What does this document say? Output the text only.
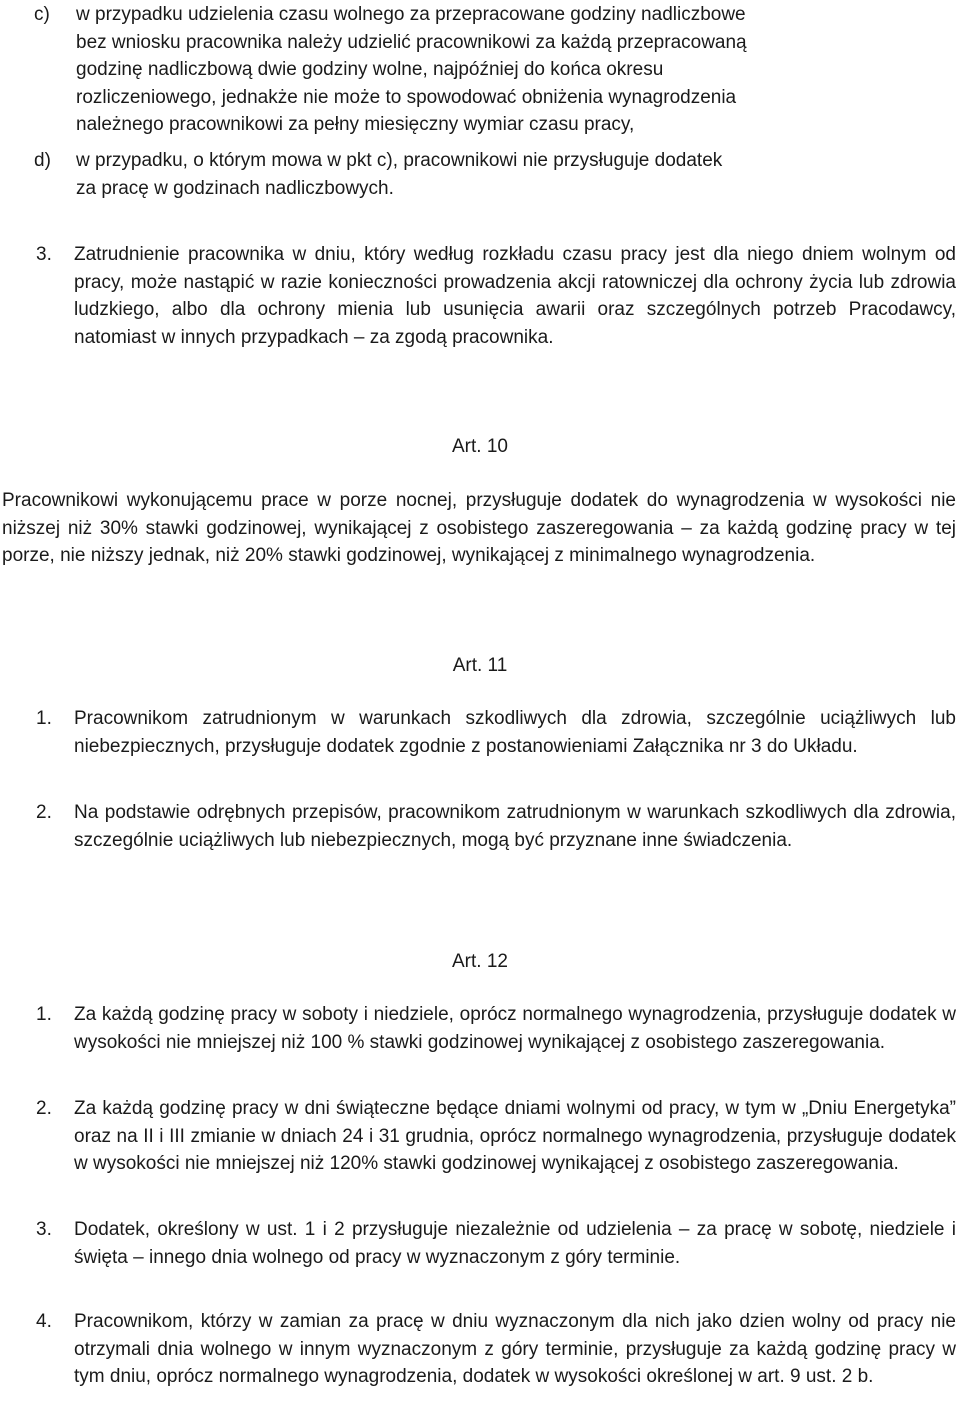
c)	w przypadku udzielenia czasu wolnego za przepracowane godziny nadliczbowe
bez wniosku pracownika należy udzielić pracownikowi za każdą przepracowaną
godzinę nadliczbową dwie godziny wolne, najpóźniej do końca okresu
rozliczeniowego, jednakże nie może to spowodować obniżenia wynagrodzenia
należnego pracownikowi za pełny miesięczny wymiar czasu pracy,
d)	w przypadku, o którym mowa w pkt c), pracownikowi nie przysługuje dodatek
za pracę w godzinach nadliczbowych.
3.	Zatrudnienie pracownika w dniu, który według rozkładu czasu pracy jest dla niego dniem wolnym od pracy, może nastąpić w razie konieczności prowadzenia akcji ratowniczej dla ochrony życia lub zdrowia ludzkiego, albo dla ochrony mienia lub usunięcia awarii oraz szczególnych potrzeb Pracodawcy, natomiast w innych przypadkach – za zgodą pracownika.
Art. 10
Pracownikowi wykonującemu prace w porze nocnej, przysługuje dodatek do wynagrodzenia w wysokości nie niższej niż 30% stawki godzinowej, wynikającej z osobistego zaszeregowania – za każdą godzinę pracy w tej porze, nie niższy jednak, niż 20% stawki godzinowej, wynikającej z minimalnego wynagrodzenia.
Art. 11
1.	Pracownikom zatrudnionym w warunkach szkodliwych dla zdrowia, szczególnie uciążliwych lub niebezpiecznych, przysługuje dodatek zgodnie z postanowieniami Załącznika nr 3 do Układu.
2.	Na podstawie odrębnych przepisów, pracownikom zatrudnionym w warunkach szkodliwych dla zdrowia, szczególnie uciążliwych lub niebezpiecznych, mogą być przyznane inne świadczenia.
Art. 12
1.	Za każdą godzinę pracy w soboty i niedziele, oprócz normalnego wynagrodzenia, przysługuje dodatek w wysokości nie mniejszej niż 100 % stawki godzinowej wynikającej z osobistego zaszeregowania.
2.	Za każdą godzinę pracy w dni świąteczne będące dniami wolnymi od pracy, w tym w „Dniu Energetyka” oraz na II i III zmianie w dniach 24 i 31 grudnia, oprócz normalnego wynagrodzenia, przysługuje dodatek w wysokości nie mniejszej niż 120% stawki godzinowej wynikającej z osobistego zaszeregowania.
3.	Dodatek, określony w ust. 1 i 2 przysługuje niezależnie od udzielenia – za pracę w sobotę, niedziele i święta – innego dnia wolnego od pracy w wyznaczonym z góry terminie.
4.	Pracownikom, którzy w zamian za pracę w dniu wyznaczonym dla nich jako dzien wolny od pracy nie otrzymali dnia wolnego w innym wyznaczonym z góry terminie, przysługuje za każdą godzinę pracy w tym dniu, oprócz normalnego wynagrodzenia, dodatek w wysokości określonej w art. 9 ust. 2 b.
